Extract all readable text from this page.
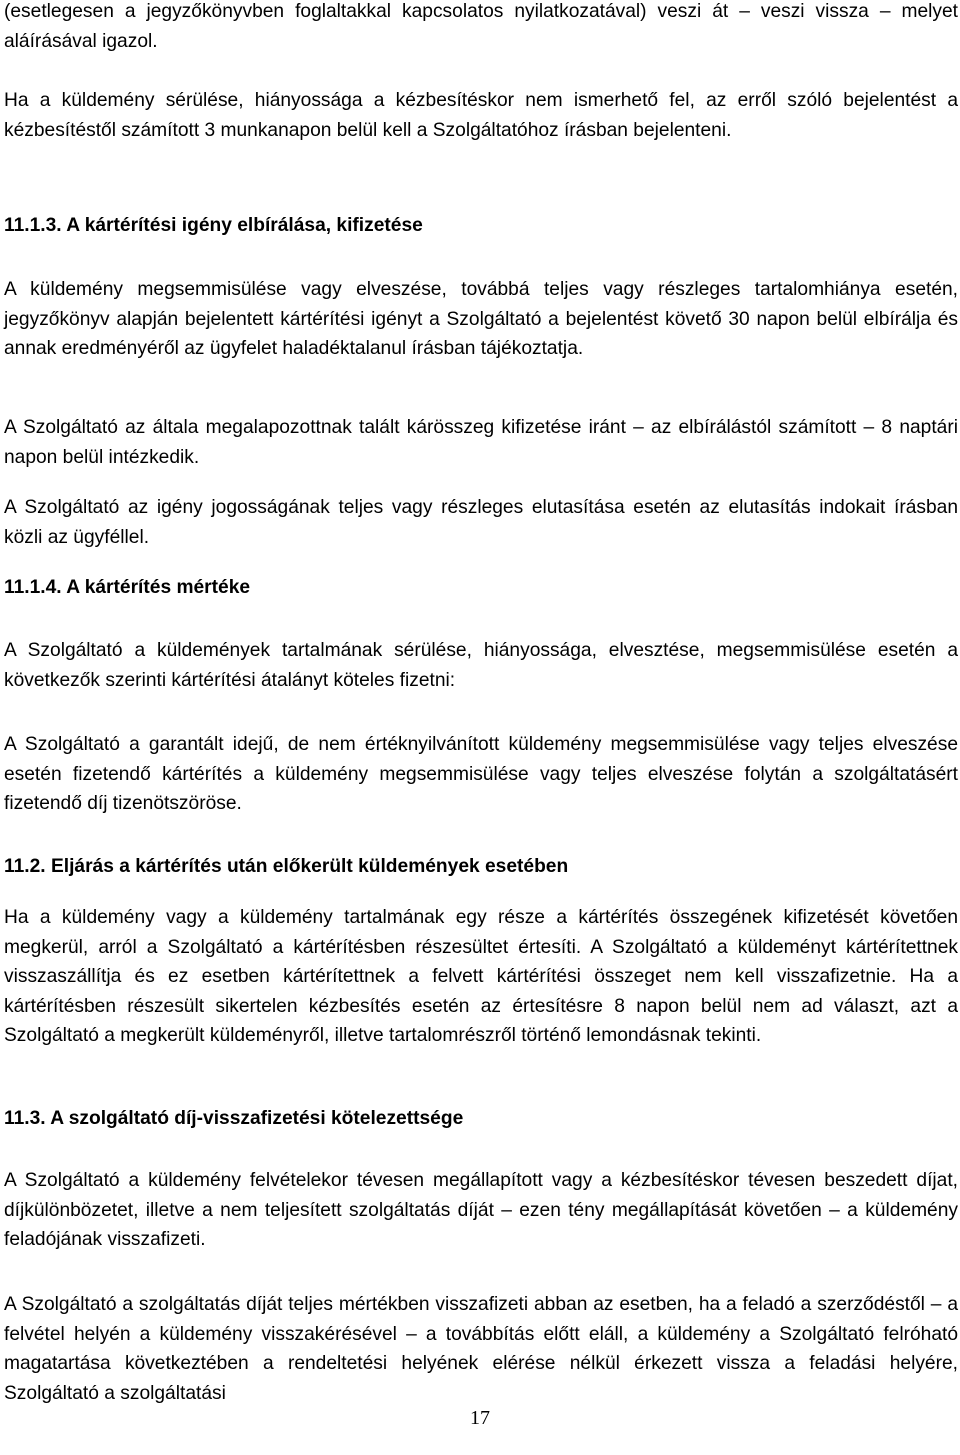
(esetlegesen a jegyzőkönyvben foglaltakkal kapcsolatos nyilatkozatával) veszi át – veszi vissza – melyet aláírásával igazol.

Ha a küldemény sérülése, hiányossága a kézbesítéskor nem ismerhető fel, az erről szóló bejelentést a kézbesítéstől számított 3 munkanapon belül kell a Szolgáltatóhoz írásban bejelenteni.

11.1.3. A kártérítési igény elbírálása, kifizetése

A küldemény megsemmisülése vagy elveszése, továbbá teljes vagy részleges tartalomhiánya esetén, jegyzőkönyv alapján bejelentett kártérítési igényt a Szolgáltató a bejelentést követő 30 napon belül elbírálja és annak eredményéről az ügyfelet haladéktalanul írásban tájékoztatja.

A Szolgáltató az általa megalapozottnak talált kárösszeg kifizetése iránt – az elbírálástól számított – 8 naptári napon belül intézkedik.

A Szolgáltató az igény jogosságának teljes vagy részleges elutasítása esetén az elutasítás indokait írásban közli az ügyféllel.

11.1.4. A kártérítés mértéke

A Szolgáltató a küldemények tartalmának sérülése, hiányossága, elvesztése, megsemmisülése esetén a következők szerinti kártérítési átalányt köteles fizetni:

A Szolgáltató a garantált idejű, de nem értéknyilvánított küldemény megsemmisülése vagy teljes elveszése esetén fizetendő kártérítés a küldemény megsemmisülése vagy teljes elveszése folytán a szolgáltatásért fizetendő díj tizenötszöröse.

11.2. Eljárás a kártérítés után előkerült küldemények esetében

Ha a küldemény vagy a küldemény tartalmának egy része a kártérítés összegének kifizetését követően megkerül, arról a Szolgáltató a kártérítésben részesültet értesíti. A Szolgáltató a küldeményt kártérítettnek visszaszállítja és ez esetben kártérítettnek a felvett kártérítési összeget nem kell visszafizetnie. Ha a kártérítésben részesült sikertelen kézbesítés esetén az értesítésre 8 napon belül nem ad választ, azt a Szolgáltató a megkerült küldeményről, illetve tartalomrészről történő lemondásnak tekinti.

11.3. A szolgáltató díj-visszafizetési kötelezettsége

A Szolgáltató a küldemény felvételekor tévesen megállapított vagy a kézbesítéskor tévesen beszedett díjat, díjkülönbözetet, illetve a nem teljesített szolgáltatás díját – ezen tény megállapítását követően – a küldemény feladójának visszafizeti.

A Szolgáltató a szolgáltatás díját teljes mértékben visszafizeti abban az esetben, ha a feladó a szerződéstől – a felvétel helyén a küldemény visszakérésével – a továbbítás előtt eláll, a küldemény a Szolgáltató felróható magatartása következtében a rendeltetési helyének elérése nélkül érkezett vissza a feladási helyére, Szolgáltató a szolgáltatási

17
